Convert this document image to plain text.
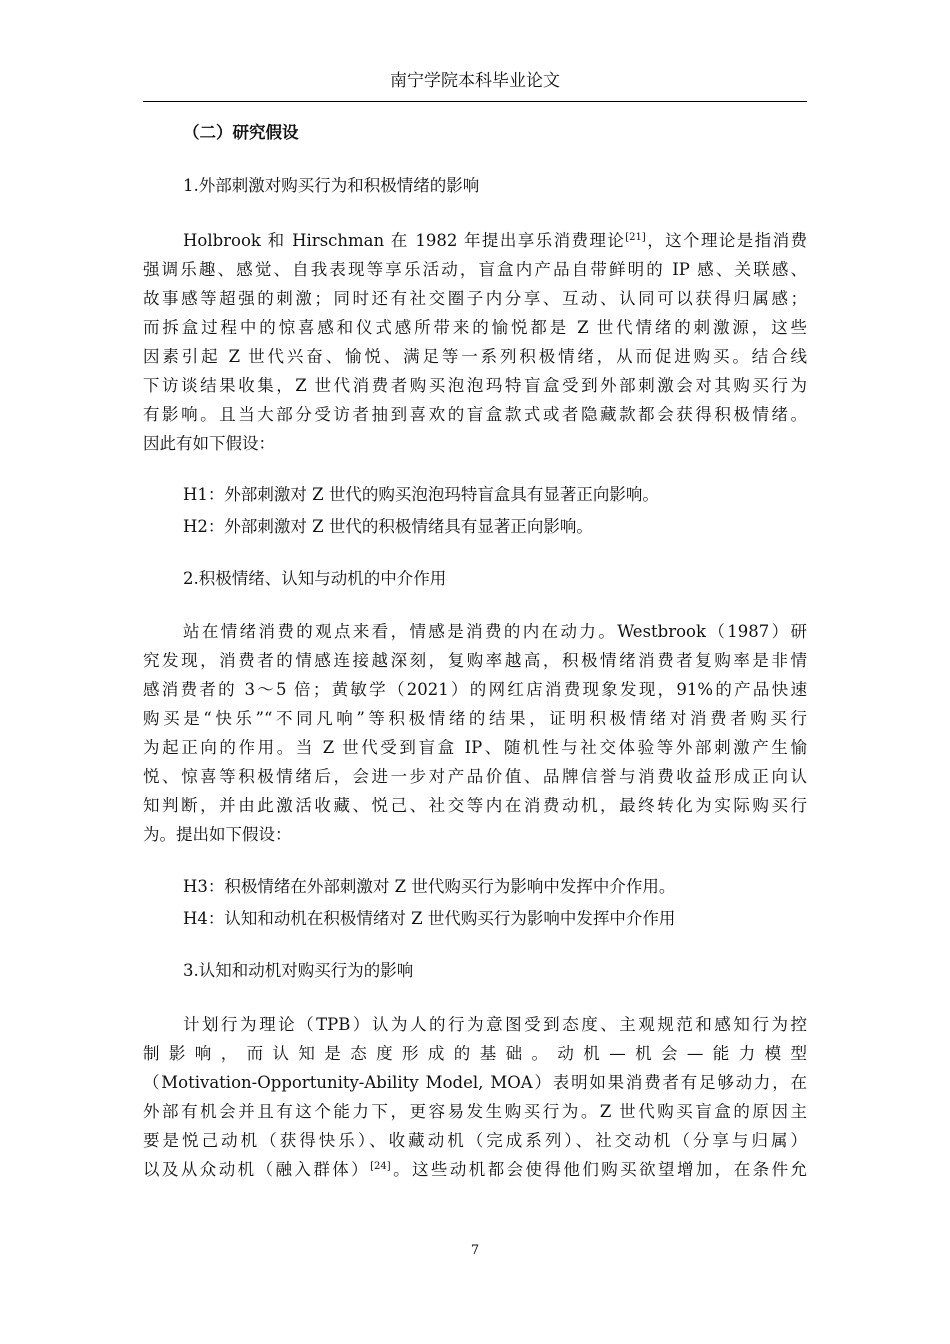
南宁学院本科毕业论文
（二）研究假设
1.外部刺激对购买行为和积极情绪的影响
Holbrook 和 Hirschman 在 1982 年提出享乐消费理论[21]，这个理论是指消费
强调乐趣、感觉、自我表现等享乐活动，盲盒内产品自带鲜明的 IP 感、关联感、
故事感等超强的刺激；同时还有社交圈子内分享、互动、认同可以获得归属感；
而拆盒过程中的惊喜感和仪式感所带来的愉悦都是 Z 世代情绪的刺激源，这些
因素引起 Z 世代兴奋、愉悦、满足等一系列积极情绪，从而促进购买。结合线
下访谈结果收集，Z 世代消费者购买泡泡玛特盲盒受到外部刺激会对其购买行为
有影响。且当大部分受访者抽到喜欢的盲盒款式或者隐藏款都会获得积极情绪。
因此有如下假设：
H1：外部刺激对 Z 世代的购买泡泡玛特盲盒具有显著正向影响。
H2：外部刺激对 Z 世代的积极情绪具有显著正向影响。
2.积极情绪、认知与动机的中介作用
站在情绪消费的观点来看，情感是消费的内在动力。Westbrook（1987）研
究发现，消费者的情感连接越深刻，复购率越高，积极情绪消费者复购率是非情
感消费者的 3～5 倍；黄敏学（2021）的网红店消费现象发现，91%的产品快速
购买是“快乐”“不同凡响”等积极情绪的结果，证明积极情绪对消费者购买行
为起正向的作用。当 Z 世代受到盲盒 IP、随机性与社交体验等外部刺激产生愉
悦、惊喜等积极情绪后，会进一步对产品价值、品牌信誉与消费收益形成正向认
知判断，并由此激活收藏、悦己、社交等内在消费动机，最终转化为实际购买行
为。提出如下假设：
H3：积极情绪在外部刺激对 Z 世代购买行为影响中发挥中介作用。
H4：认知和动机在积极情绪对 Z 世代购买行为影响中发挥中介作用
3.认知和动机对购买行为的影响
计划行为理论（TPB）认为人的行为意图受到态度、主观规范和感知行为控
制影响，而认知是态度形成的基础。动机—机会—能力模型
（Motivation-Opportunity-Ability Model, MOA）表明如果消费者有足够动力，在
外部有机会并且有这个能力下，更容易发生购买行为。Z 世代购买盲盒的原因主
要是悦己动机（获得快乐）、收藏动机（完成系列）、社交动机（分享与归属）
以及从众动机（融入群体）[24]。这些动机都会使得他们购买欲望增加，在条件允
7
